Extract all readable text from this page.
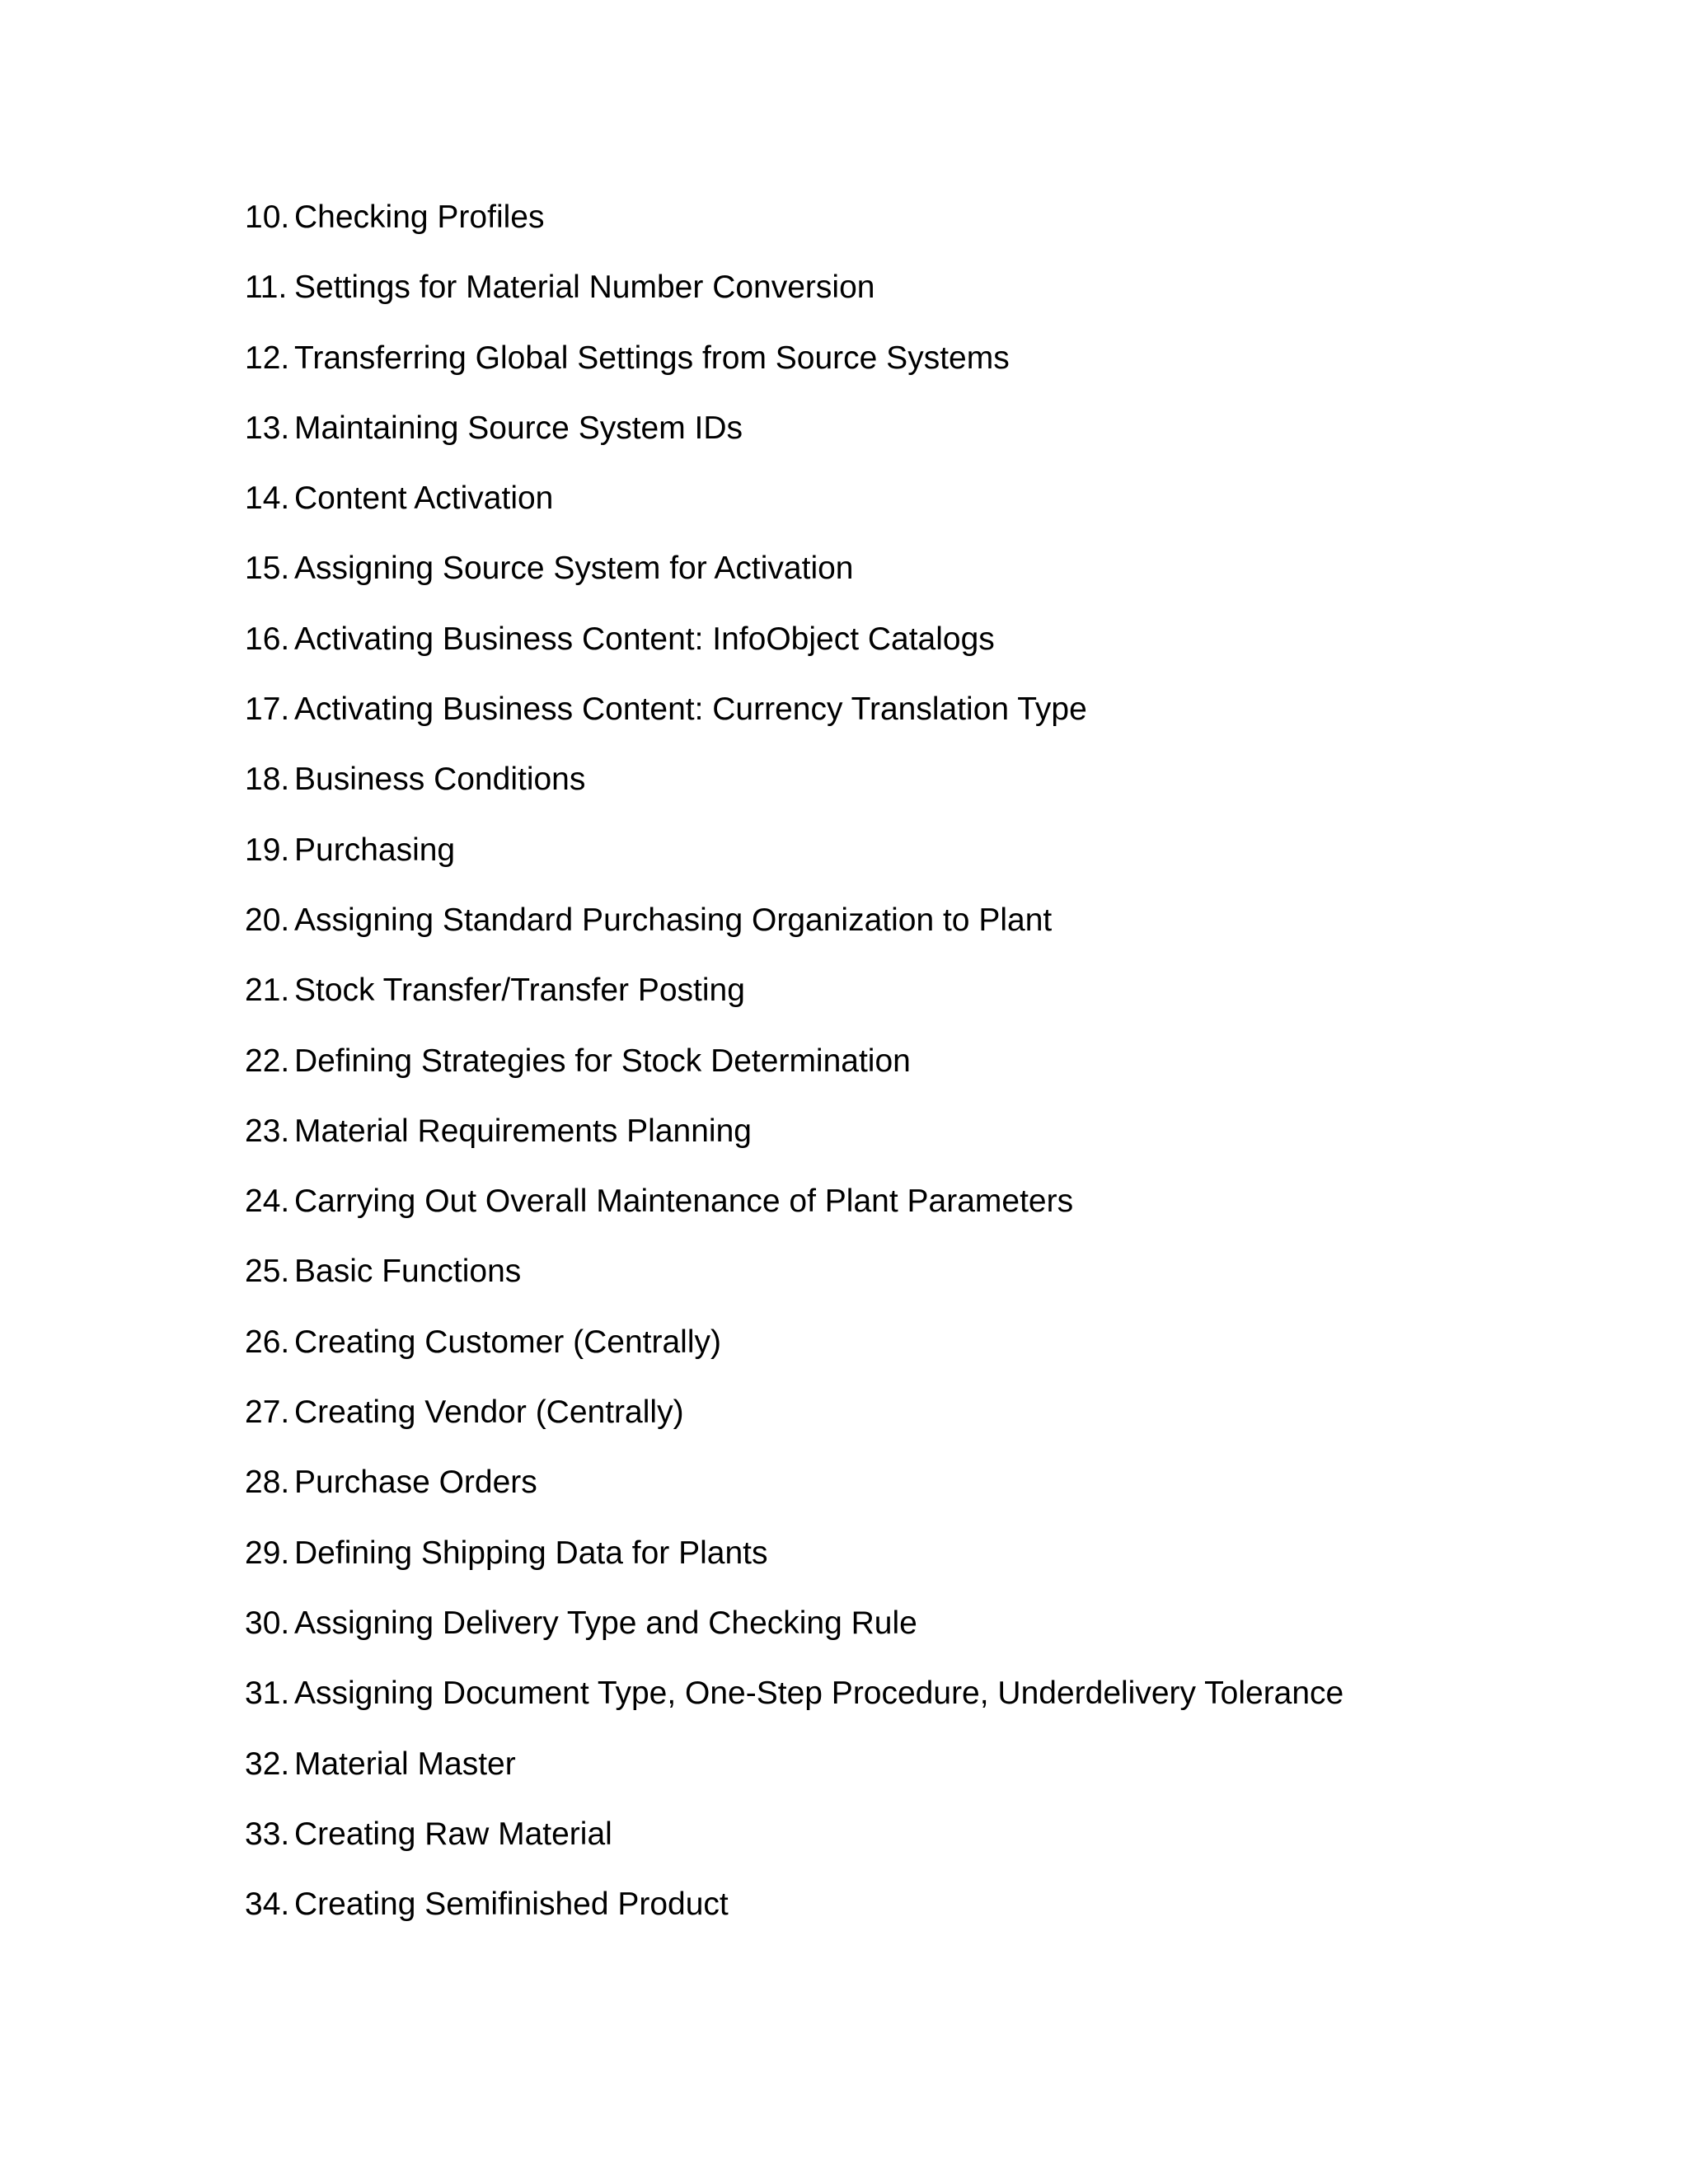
10. Checking Profiles
11. Settings for Material Number Conversion
12. Transferring Global Settings from Source Systems
13. Maintaining Source System IDs
14. Content Activation
15. Assigning Source System for Activation
16. Activating Business Content: InfoObject Catalogs
17. Activating Business Content: Currency Translation Type
18. Business Conditions
19. Purchasing
20. Assigning Standard Purchasing Organization to Plant
21. Stock Transfer/Transfer Posting
22. Defining Strategies for Stock Determination
23. Material Requirements Planning
24. Carrying Out Overall Maintenance of Plant Parameters
25. Basic Functions
26. Creating Customer (Centrally)
27. Creating Vendor (Centrally)
28. Purchase Orders
29. Defining Shipping Data for Plants
30. Assigning Delivery Type and Checking Rule
31. Assigning Document Type, One-Step Procedure, Underdelivery Tolerance
32. Material Master
33. Creating Raw Material
34. Creating Semifinished Product
